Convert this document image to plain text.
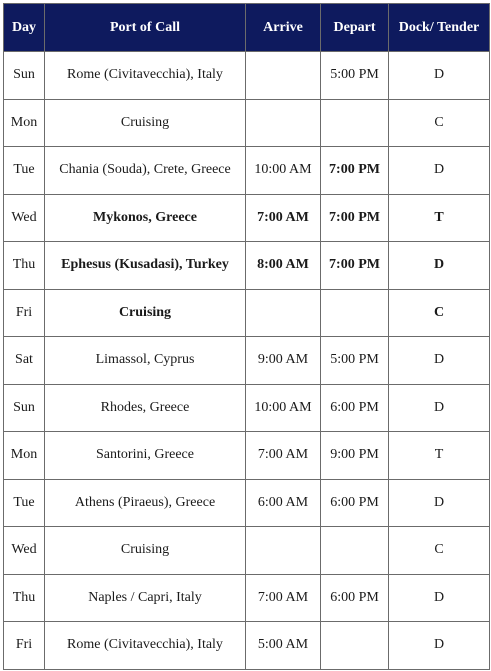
Day	Port of Call	Arrive	Depart	Dock/ Tender
Sun	Rome (Civitavecchia), Italy		5:00 PM	D
Mon	Cruising			C
Tue	Chania (Souda), Crete, Greece	10:00 AM	7:00 PM	D
Wed	Mykonos, Greece	7:00 AM	7:00 PM	T
Thu	Ephesus (Kusadasi), Turkey	8:00 AM	7:00 PM	D
Fri	Cruising			C
Sat	Limassol, Cyprus	9:00 AM	5:00 PM	D
Sun	Rhodes, Greece	10:00 AM	6:00 PM	D
Mon	Santorini, Greece	7:00 AM	9:00 PM	T
Tue	Athens (Piraeus), Greece	6:00 AM	6:00 PM	D
Wed	Cruising			C
Thu	Naples / Capri, Italy	7:00 AM	6:00 PM	D
Fri	Rome (Civitavecchia), Italy	5:00 AM		D
